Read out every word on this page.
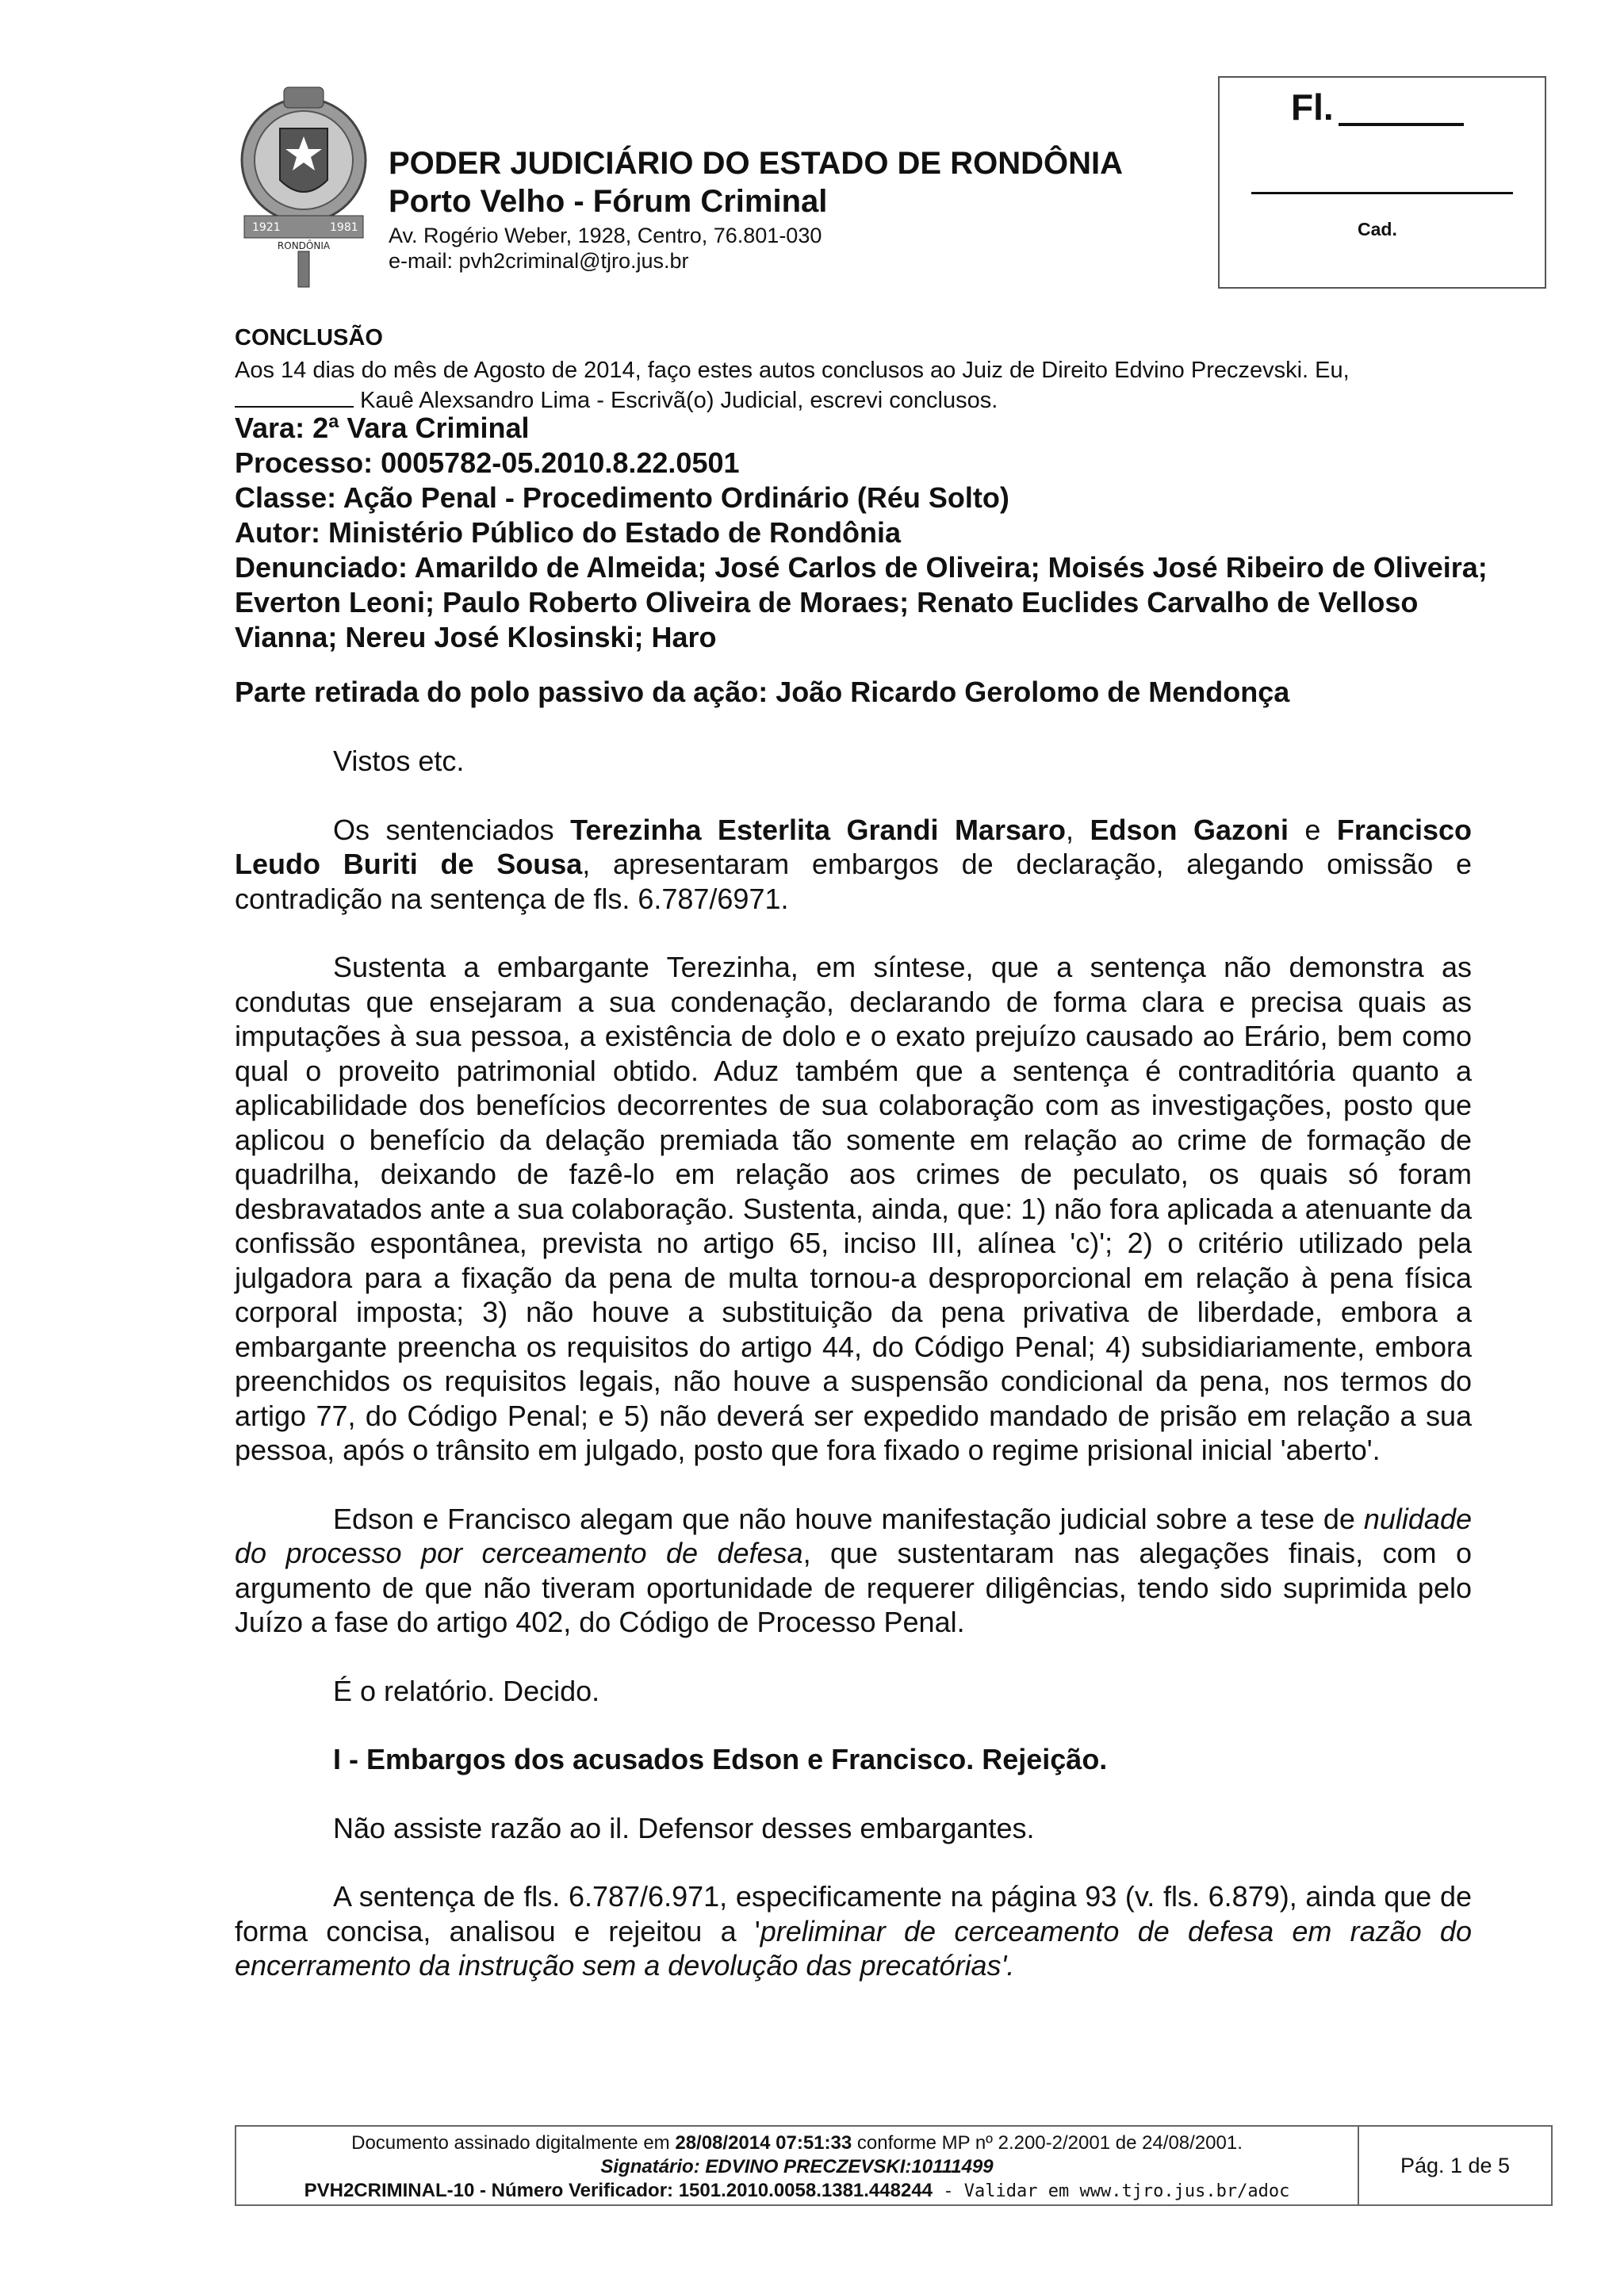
1921	1981
RONDÔNIA
PODER JUDICIÁRIO DO ESTADO DE RONDÔNIA
Porto Velho - Fórum Criminal
Av. Rogério Weber, 1928, Centro, 76.801-030
e-mail: pvh2criminal@tjro.jus.br
Fl.
Cad.
CONCLUSÃO
Aos 14 dias do mês de Agosto de 2014, faço estes autos conclusos ao Juiz de Direito Edvino Preczevski. Eu,
Kauê Alexsandro Lima - Escrivã(o) Judicial, escrevi conclusos.
Vara: 2ª Vara Criminal
Processo: 0005782-05.2010.8.22.0501
Classe: Ação Penal - Procedimento Ordinário (Réu Solto)
Autor: Ministério Público do Estado de Rondônia
Denunciado: Amarildo de Almeida; José Carlos de Oliveira; Moisés José Ribeiro de Oliveira; Everton Leoni; Paulo Roberto Oliveira de Moraes; Renato Euclides Carvalho de Velloso Vianna; Nereu José Klosinski; Haro
Parte retirada do polo passivo da ação: João Ricardo Gerolomo de Mendonça

Vistos etc.

Os sentenciados Terezinha Esterlita Grandi Marsaro, Edson Gazoni e Francisco Leudo Buriti de Sousa, apresentaram embargos de declaração, alegando omissão e contradição na sentença de fls. 6.787/6971.

Sustenta a embargante Terezinha, em síntese, que a sentença não demonstra as condutas que ensejaram a sua condenação, declarando de forma clara e precisa quais as imputações à sua pessoa, a existência de dolo e o exato prejuízo causado ao Erário, bem como qual o proveito patrimonial obtido. Aduz também que a sentença é contraditória quanto a aplicabilidade dos benefícios decorrentes de sua colaboração com as investigações, posto que aplicou o benefício da delação premiada tão somente em relação ao crime de formação de quadrilha, deixando de fazê-lo em relação aos crimes de peculato, os quais só foram desbravatados ante a sua colaboração. Sustenta, ainda, que: 1) não fora aplicada a atenuante da confissão espontânea, prevista no artigo 65, inciso III, alínea 'c)'; 2) o critério utilizado pela julgadora para a fixação da pena de multa tornou-a desproporcional em relação à pena física corporal imposta; 3) não houve a substituição da pena privativa de liberdade, embora a embargante preencha os requisitos do artigo 44, do Código Penal; 4) subsidiariamente, embora preenchidos os requisitos legais, não houve a suspensão condicional da pena, nos termos do artigo 77, do Código Penal; e 5) não deverá ser expedido mandado de prisão em relação a sua pessoa, após o trânsito em julgado, posto que fora fixado o regime prisional inicial 'aberto'.

Edson e Francisco alegam que não houve manifestação judicial sobre a tese de nulidade do processo por cerceamento de defesa, que sustentaram nas alegações finais, com o argumento de que não tiveram oportunidade de requerer diligências, tendo sido suprimida pelo Juízo a fase do artigo 402, do Código de Processo Penal.

É o relatório. Decido.

I - Embargos dos acusados Edson e Francisco. Rejeição.

Não assiste razão ao il. Defensor desses embargantes.

A sentença de fls. 6.787/6.971, especificamente na página 93 (v. fls. 6.879), ainda que de forma concisa, analisou e rejeitou a 'preliminar de cerceamento de defesa em razão do encerramento da instrução sem a devolução das precatórias'.

Documento assinado digitalmente em 28/08/2014 07:51:33 conforme MP nº 2.200-2/2001 de 24/08/2001.
Signatário: EDVINO PRECZEVSKI:10111499
PVH2CRIMINAL-10 - Número Verificador: 1501.2010.0058.1381.448244 - Validar em www.tjro.jus.br/adoc
Pág. 1 de 5
